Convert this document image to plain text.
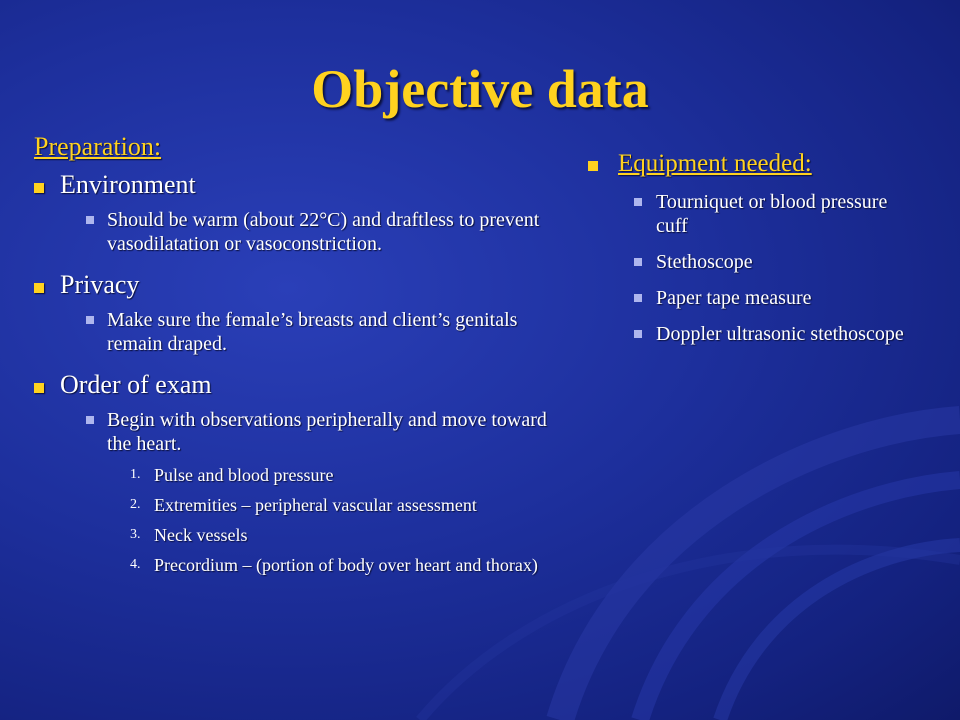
Objective data
Preparation:
Environment
Should be warm (about 22°C) and draftless to prevent vasodilatation or vasoconstriction.
Privacy
Make sure the female’s breasts and client’s genitals remain draped.
Order of exam
Begin with observations peripherally and move toward the heart.
1. Pulse and blood pressure
2. Extremities – peripheral vascular assessment
3. Neck vessels
4. Precordium – (portion of body over heart and thorax)
Equipment needed:
Tourniquet or blood pressure cuff
Stethoscope
Paper tape measure
Doppler ultrasonic stethoscope
